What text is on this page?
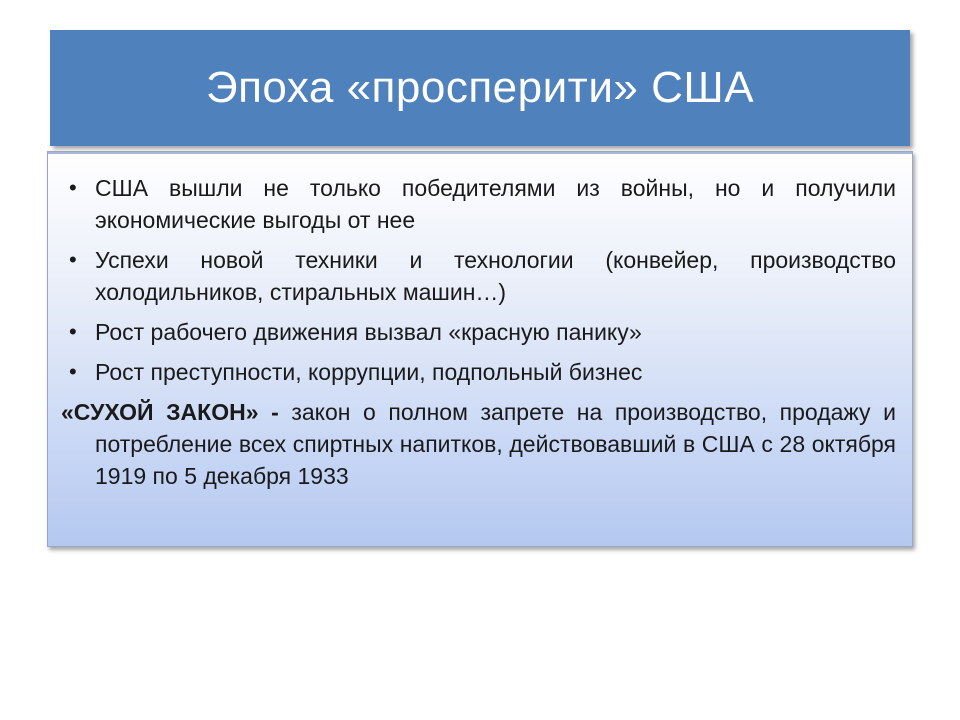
Эпоха «просперити» США
• США вышли не только победителями из войны, но и получили экономические выгоды от нее
• Успехи новой техники и технологии (конвейер, производство холодильников, стиральных машин…)
• Рост рабочего движения вызвал «красную панику»
• Рост преступности, коррупции, подпольный бизнес

«СУХОЙ ЗАКОН» - закон о полном запрете на производство, продажу и потребление всех спиртных напитков, действовавший в США с 28 октября 1919 по 5 декабря 1933
